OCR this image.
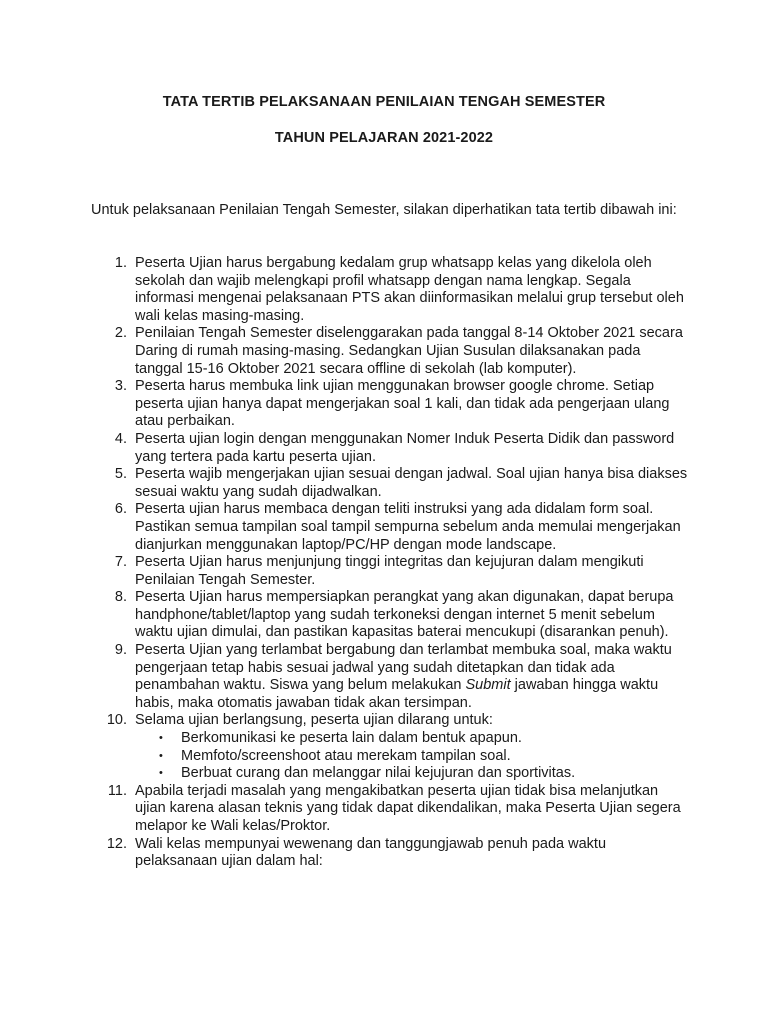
TATA TERTIB PELAKSANAAN PENILAIAN TENGAH SEMESTER
TAHUN PELAJARAN 2021-2022

Untuk pelaksanaan Penilaian Tengah Semester, silakan diperhatikan tata tertib dibawah ini:

1. Peserta Ujian harus bergabung kedalam grup whatsapp kelas yang dikelola oleh sekolah dan wajib melengkapi profil whatsapp dengan nama lengkap. Segala informasi mengenai pelaksanaan PTS akan diinformasikan melalui grup tersebut oleh wali kelas masing-masing.
2. Penilaian Tengah Semester diselenggarakan pada tanggal 8-14 Oktober 2021 secara Daring di rumah masing-masing. Sedangkan Ujian Susulan dilaksanakan pada tanggal 15-16 Oktober 2021 secara offline di sekolah (lab komputer).
3. Peserta harus membuka link ujian menggunakan browser google chrome. Setiap peserta ujian hanya dapat mengerjakan soal 1 kali, dan tidak ada pengerjaan ulang atau perbaikan.
4. Peserta ujian login dengan menggunakan Nomer Induk Peserta Didik dan password yang tertera pada kartu peserta ujian.
5. Peserta wajib mengerjakan ujian sesuai dengan jadwal. Soal ujian hanya bisa diakses sesuai waktu yang sudah dijadwalkan.
6. Peserta ujian harus membaca dengan teliti instruksi yang ada didalam form soal. Pastikan semua tampilan soal tampil sempurna sebelum anda memulai mengerjakan dianjurkan menggunakan laptop/PC/HP dengan mode landscape.
7. Peserta Ujian harus menjunjung tinggi integritas dan kejujuran dalam mengikuti Penilaian Tengah Semester.
8. Peserta Ujian harus mempersiapkan perangkat yang akan digunakan, dapat berupa handphone/tablet/laptop yang sudah terkoneksi dengan internet 5 menit sebelum waktu ujian dimulai, dan pastikan kapasitas baterai mencukupi (disarankan penuh).
9. Peserta Ujian yang terlambat bergabung dan terlambat membuka soal, maka waktu pengerjaan tetap habis sesuai jadwal yang sudah ditetapkan dan tidak ada penambahan waktu. Siswa yang belum melakukan Submit jawaban hingga waktu habis, maka otomatis jawaban tidak akan tersimpan.
10. Selama ujian berlangsung, peserta ujian dilarang untuk:
• Berkomunikasi ke peserta lain dalam bentuk apapun.
• Memfoto/screenshoot atau merekam tampilan soal.
• Berbuat curang dan melanggar nilai kejujuran dan sportivitas.
11. Apabila terjadi masalah yang mengakibatkan peserta ujian tidak bisa melanjutkan ujian karena alasan teknis yang tidak dapat dikendalikan, maka Peserta Ujian segera melapor ke Wali kelas/Proktor.
12. Wali kelas mempunyai wewenang dan tanggungjawab penuh pada waktu pelaksanaan ujian dalam hal:
